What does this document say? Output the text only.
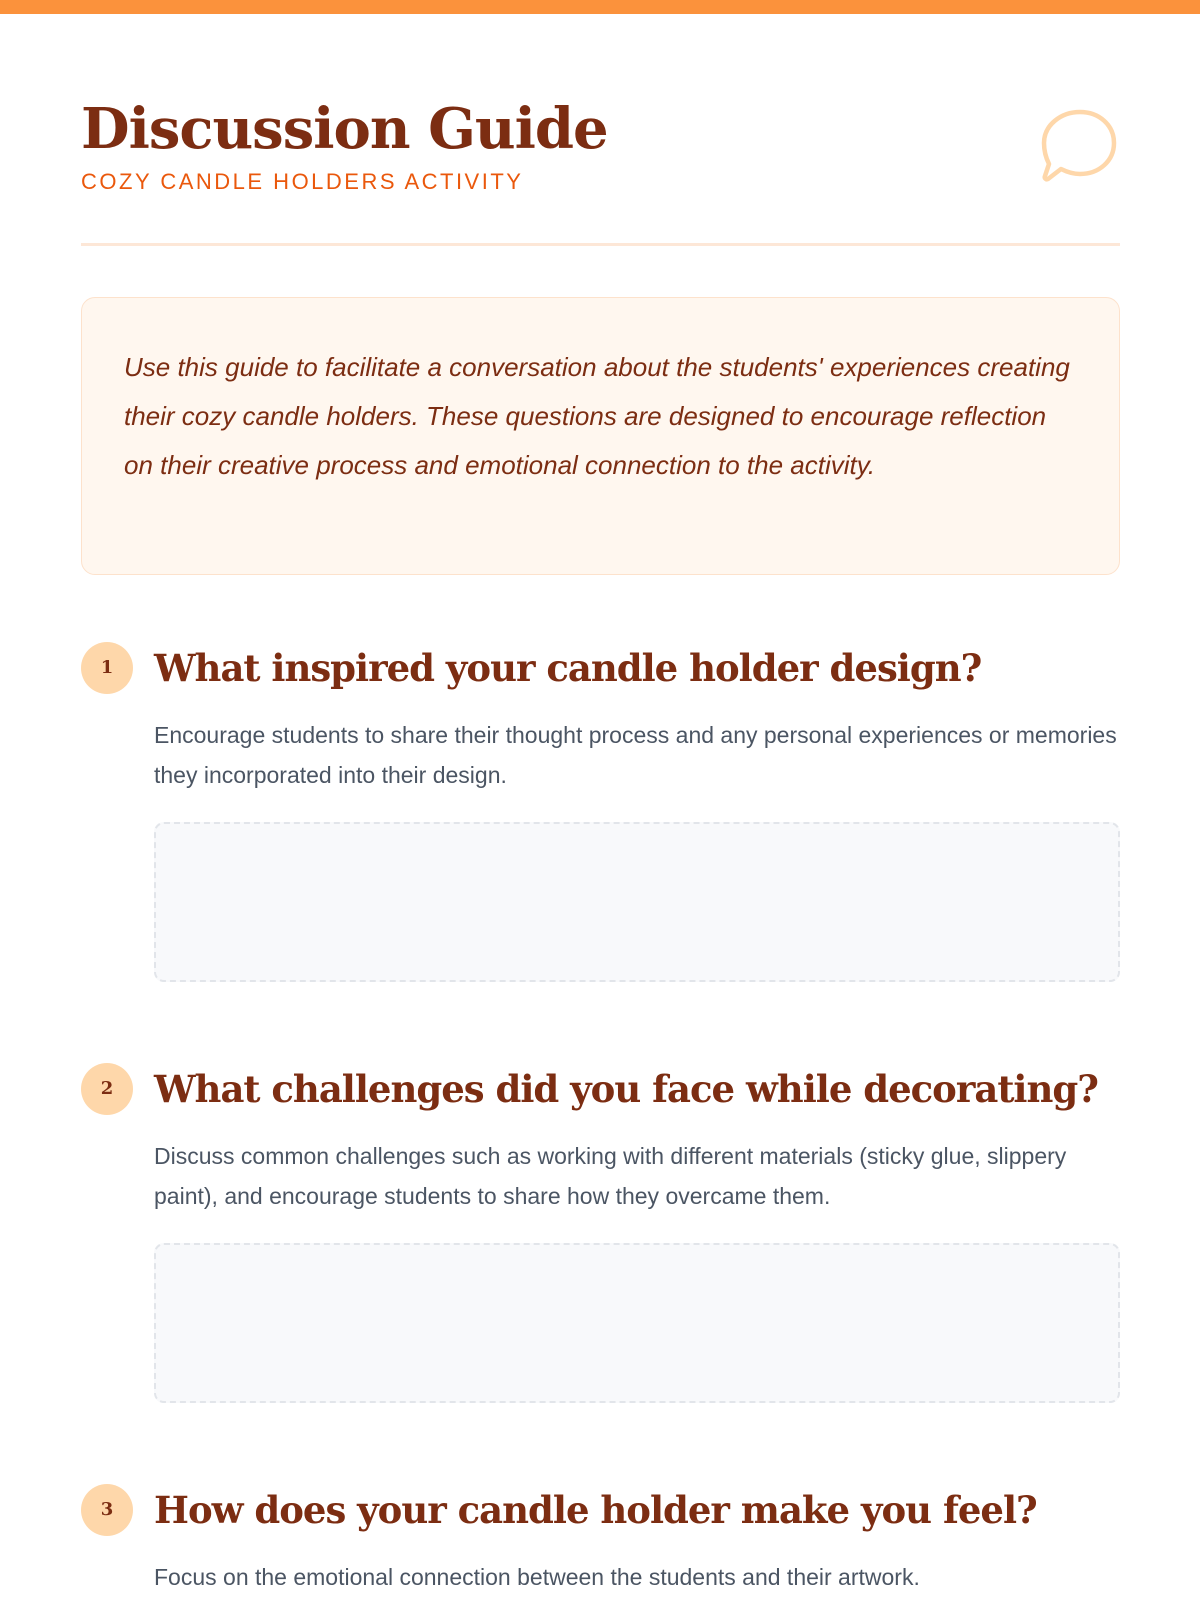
Discussion Guide
COZY CANDLE HOLDERS ACTIVITY

Use this guide to facilitate a conversation about the students' experiences creating their cozy candle holders. These questions are designed to encourage reflection on their creative process and emotional connection to the activity.

1	What inspired your candle holder design?

Encourage students to share their thought process and any personal experiences or memories they incorporated into their design.

2	What challenges did you face while decorating?

Discuss common challenges such as working with different materials (sticky glue, slippery paint), and encourage students to share how they overcame them.

3	How does your candle holder make you feel?

Focus on the emotional connection between the students and their artwork.
